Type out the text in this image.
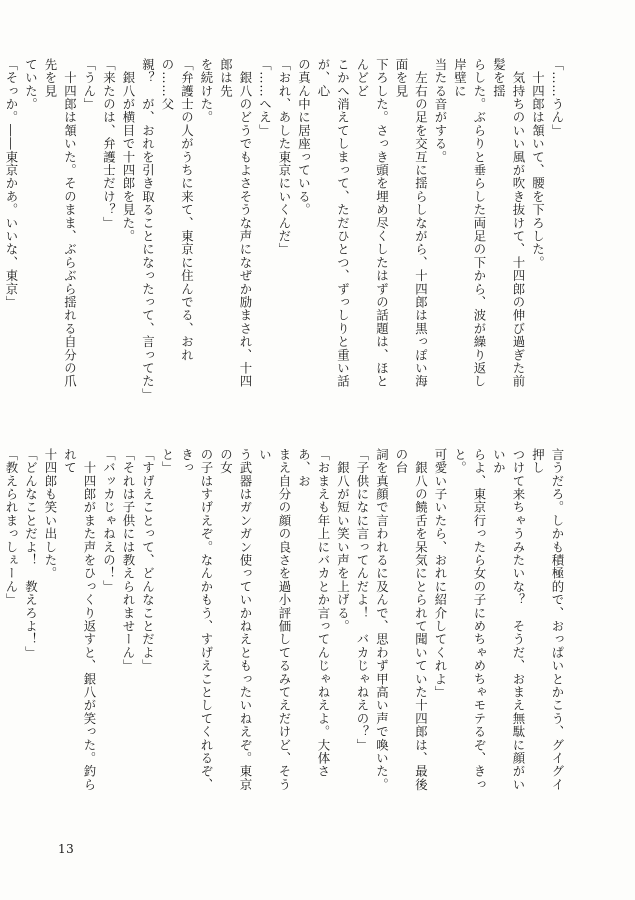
「……うん」
　十四郎は頷いて、腰を下ろした。
　気持ちのいい風が吹き抜けて、十四郎の伸び過ぎた前髪を揺
らした。ぶらりと垂らした両足の下から、波が繰り返し岸壁に
当たる音がする。
　左右の足を交互に揺らしながら、十四郎は黒っぽい海面を見
下ろした。さっき頭を埋め尽くしたはずの話題は、ほとんどど
こかへ消えてしまって、ただひとつ、ずっしりと重い話が、心
の真ん中に居座っている。
「おれ、あした東京にいくんだ」
「……へえ」
　銀八のどうでもよさそうな声になぜか励まされ、十四郎は先
を続けた。
「弁護士の人がうちに来て、東京に住んでる、おれの……父
親？　が、おれを引き取ることになったって、言ってた」
　銀八が横目で十四郎を見た。
「来たのは、弁護士だけ？」
「うん」
　十四郎は頷いた。そのまま、ぶらぶら揺れる自分の爪先を見
ていた。
「そっか。――東京かあ。いいな、東京」
言うだろ。しかも積極的で、おっぱいとかこう、グイグイ押し
つけて来ちゃうみたいな？　そうだ、おまえ無駄に顔がいいか
らよ、東京行ったら女の子にめちゃめちゃモテるぞ、きっと。
可愛い子いたら、おれに紹介してくれよ」
　銀八の饒舌を呆気にとられて聞いていた十四郎は、最後の台
詞を真顔で言われるに及んで、思わず甲高い声で喚いた。
「子供になに言ってんだよ！　バカじゃねえの？」
　銀八が短い笑い声を上げる。
「おまえも年上にバカとか言ってんじゃねえよ。大体さあ、お
まえ自分の顔の良さを過小評価してるみてえだけど、そうい
う武器はガンガン使っていかねえともったいねえぞ。東京の女
の子はすげえぞ。なんかもう、すげえことしてくれるぞ、きっ
と」
「すげえことって、どんなことだよ」
「それは子供には教えられませーん」
「バッカじゃねえの！」
　十四郎がまた声をひっくり返すと、銀八が笑った。釣られて
十四郎も笑い出した。
「どんなことだよ！　教えろよ！」
「教えられまっしぇーん」
13
